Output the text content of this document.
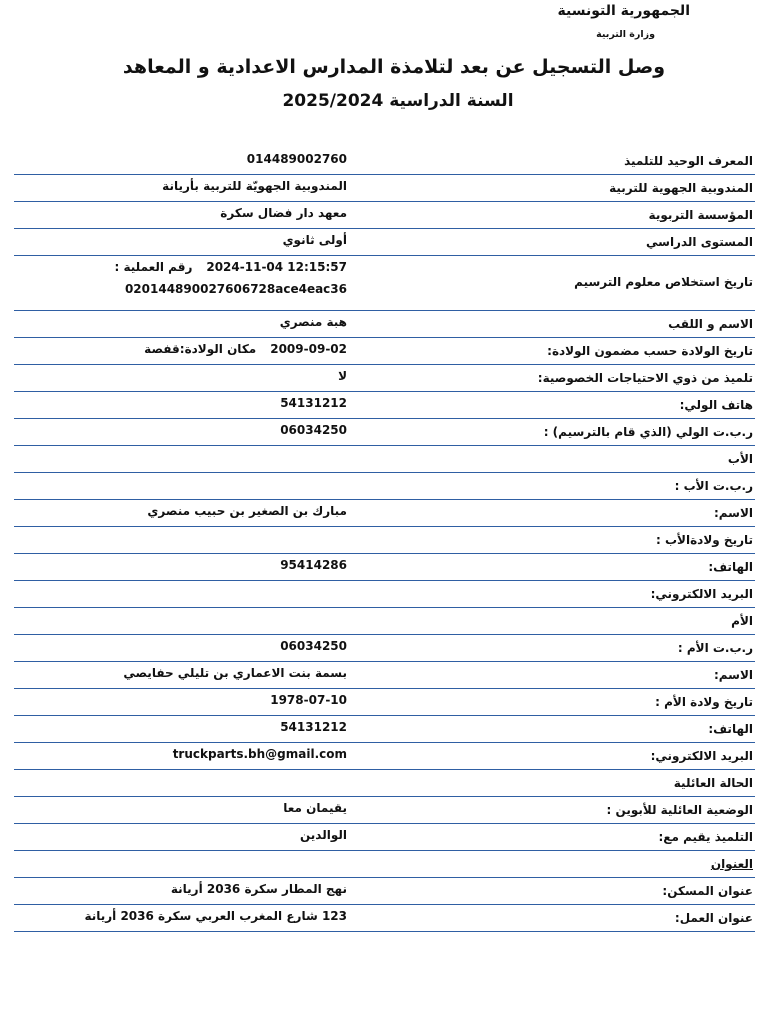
الجمهورية التونسية
وزارة التربية
وصل التسجيل عن بعد لتلامذة المدارس الاعدادية و المعاهد
السنة الدراسية 2025/2024
المعرف الوحيد للتلميذ
014489002760
المندوبية الجهوية للتربية
المندوبية الجهويّة للتربية بأريانة
المؤسسة التربوية
معهد دار فضال سكرة
المستوى الدراسي
أولى ثانوي
تاريخ استخلاص معلوم الترسيم
2024-11-04 12:15:57رقم العملية :
020144890027606728ace4eac36
الاسم و اللقب
هبة منصري
تاريخ الولادة حسب مضمون الولادة:
2009-09-02مكان الولادة:قفصة
تلميذ من ذوي الاحتياجات الخصوصية:
لا
هاتف الولي:
54131212
ر.ب.ت الولي (الذي قام بالترسيم) :
06034250
الأب
ر.ب.ت الأب :
الاسم:
مبارك بن الصغير بن حبيب منصري
تاريخ ولادةالأب :
الهاتف:
95414286
البريد الالكتروني:
الأم
ر.ب.ت الأم :
06034250
الاسم:
بسمة بنت الاعماري بن تليلي حفايصي
تاريخ ولادة الأم :
1978-07-10
الهاتف:
54131212
البريد الالكتروني:
truckparts.bh@gmail.com
الحالة العائلية
الوضعية العائلية للأبوين :
يقيمان معا
التلميذ يقيم مع:
الوالدين
العنوان
عنوان المسكن:
نهج المطار سكرة 2036 أريانة
عنوان العمل:
123 شارع المغرب العربي سكرة 2036 أريانة
